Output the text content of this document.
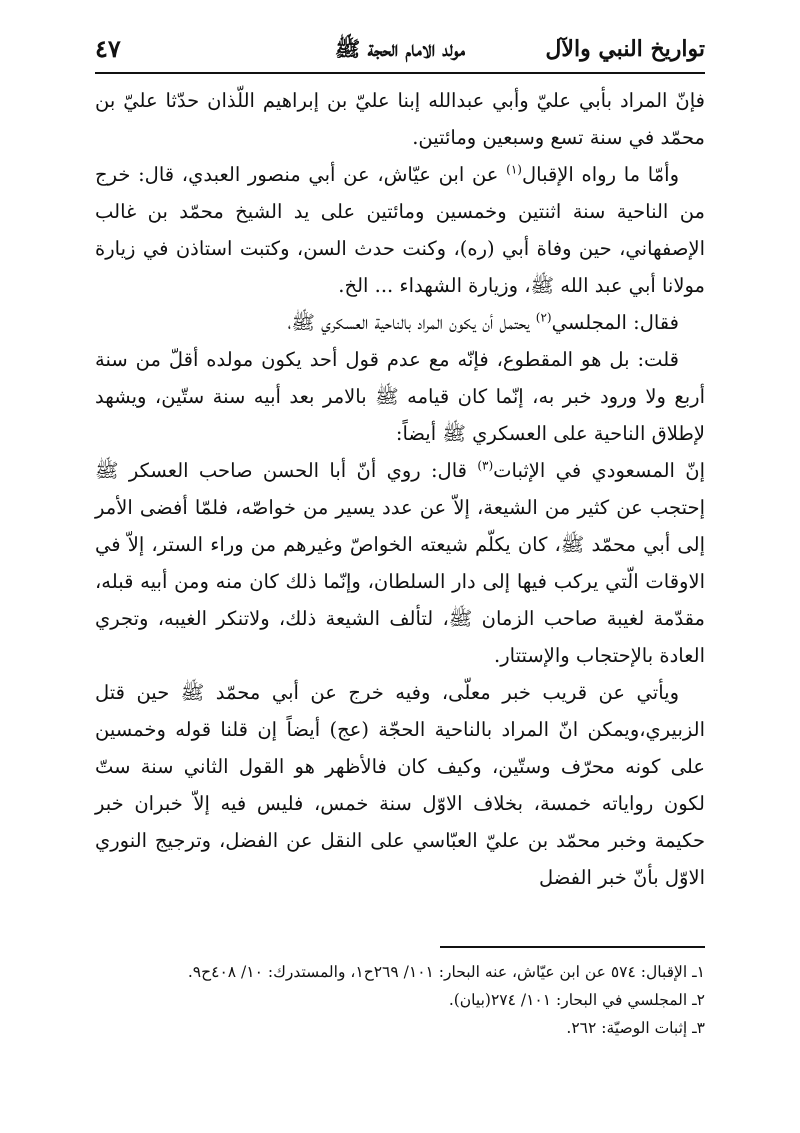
تواريخ النبي والآل
مولد الامام الحجة ﷺ
٤٧

فإنّ المراد بأبي عليّ وأبي عبدالله إبنا عليّ بن إبراهيم اللّذان حدّثا عليّ بن محمّد في سنة تسع وسبعين ومائتين.

وأمّا ما رواه الإقبال$^{(١)}$ عن ابن عيّاش، عن أبي منصور العبدي، قال: خرج من الناحية سنة اثنتين وخمسين ومائتين على يد الشيخ محمّد بن غالب الإصفهاني، حين وفاة أبي (ره)، وكنت حدث السن، وكتبت استاذن في زيارة مولانا أبي عبد الله ﷺ، وزيارة الشهداء ... الخ.

فقال: المجلسي$^{(٢)}$ يحتمل أن يكون المراد بالناحية العسكري ﷺ،

قلت: بل هو المقطوع، فإنّه مع عدم قول أحد يكون مولده أقلّ من سنة أربع ولا ورود خبر به، إنّما كان قيامه ﷺ بالامر بعد أبيه سنة ستّين، ويشهد لإطلاق الناحية على العسكري ﷺ أيضاً:

إنّ المسعودي في الإثبات$^{(٣)}$ قال: روي أنّ أبا الحسن صاحب العسكر ﷺ إحتجب عن كثير من الشيعة، إلاّ عن عدد يسير من خواصّه، فلمّا أفضى الأمر إلى أبي محمّد ﷺ، كان يكلّم شيعته الخواصّ وغيرهم من وراء الستر، إلاّ في الاوقات الّتي يركب فيها إلى دار السلطان، وإنّما ذلك كان منه ومن أبيه قبله، مقدّمة لغيبة صاحب الزمان ﷺ، لتألف الشيعة ذلك، ولاتنكر الغيبه، وتجري العادة بالإحتجاب والإستتار.

ويأتي عن قريب خبر معلّى، وفيه خرج عن أبي محمّد ﷺ حين قتل الزبيري،ويمكن انّ المراد بالناحية الحجّة (عج) أيضاً إن قلنا قوله وخمسين على كونه محرّف وستّين، وكيف كان فالأظهر هو القول الثاني سنة ستّ لكون رواياته خمسة، بخلاف الاوّل سنة خمس، فليس فيه إلاّ خبران خبر حكيمة وخبر محمّد بن عليّ العبّاسي على النقل عن الفضل، وترجيج النوري الاوّل بأنّ خبر الفضل

١ـ الإقبال: ٥٧٤ عن ابن عيّاش، عنه البحار: ١٠١/ ٢٦٩ح١، والمستدرك: ١٠/ ٤٠٨ح٩.

٢ـ المجلسي في البحار: ١٠١/ ٢٧٤(بيان).

٣ـ إثبات الوصيّة: ٢٦٢.
